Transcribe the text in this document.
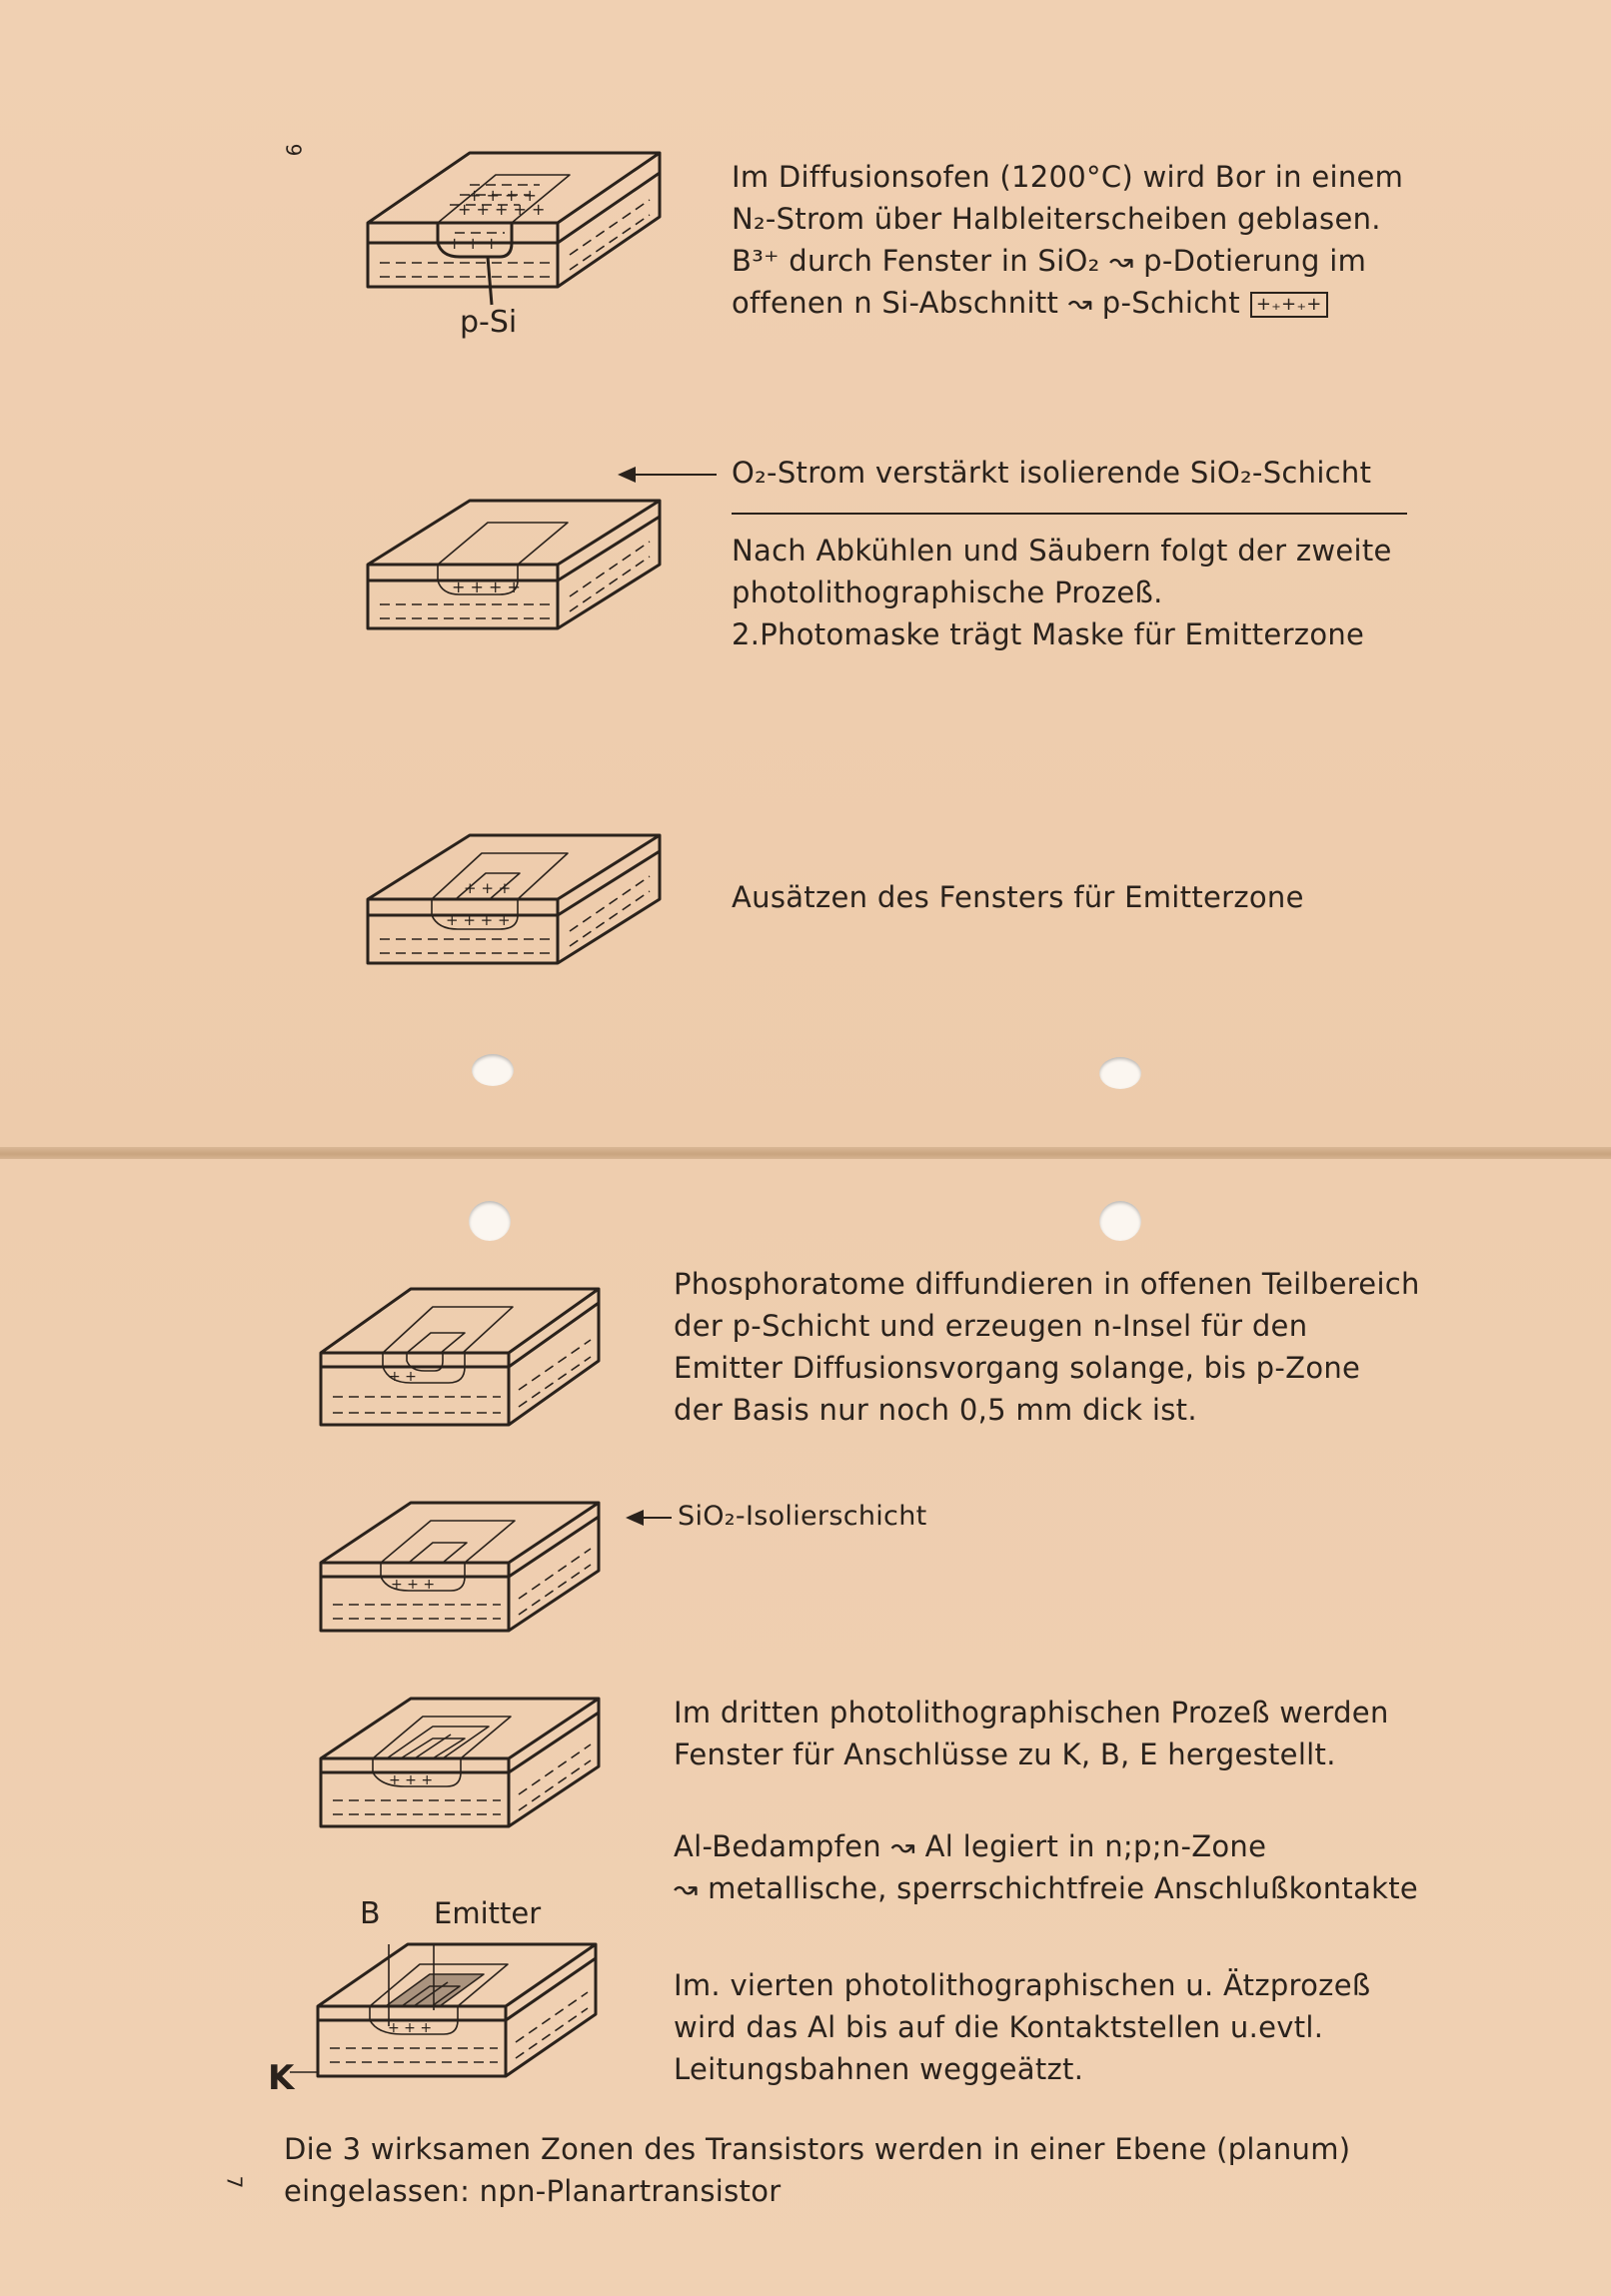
9
+ + + + +
+ + + +
+ + +
p-Si
Im Diffusionsofen (1200°C) wird Bor in einem
N₂-Strom über Halbleiterscheiben geblasen.
B³⁺ durch Fenster in SiO₂ ↝ p-Dotierung im
offenen n Si-Abschnitt ↝ p-Schicht +₊+₊+
O₂-Strom verstärkt isolierende SiO₂-Schicht
+ + + +
Nach Abkühlen und Säubern folgt der zweite
photolithographische Prozeß.
2.Photomaske trägt Maske für Emitterzone
+ + +
+ + + +
Ausätzen des Fensters für Emitterzone
+ +
Phosphoratome diffundieren in offenen Teilbereich
der p-Schicht und erzeugen n-Insel für den
Emitter Diffusionsvorgang solange, bis p-Zone
der Basis nur noch 0,5 mm dick ist.
+ + +
SiO₂-Isolierschicht
+ + +
Im dritten photolithographischen Prozeß werden
Fenster für Anschlüsse zu K, B, E hergestellt.
Al-Bedampfen ↝ Al legiert in n;p;n-Zone
↝ metallische, sperrschichtfreie Anschlußkontakte
B Emitter
K
+ + +
Im. vierten photolithographischen u. Ätzprozeß
wird das Al bis auf die Kontaktstellen u.evtl.
Leitungsbahnen weggeätzt.
Die 3 wirksamen Zonen des Transistors werden in einer Ebene (planum)
eingelassen: npn-Planartransistor
7
